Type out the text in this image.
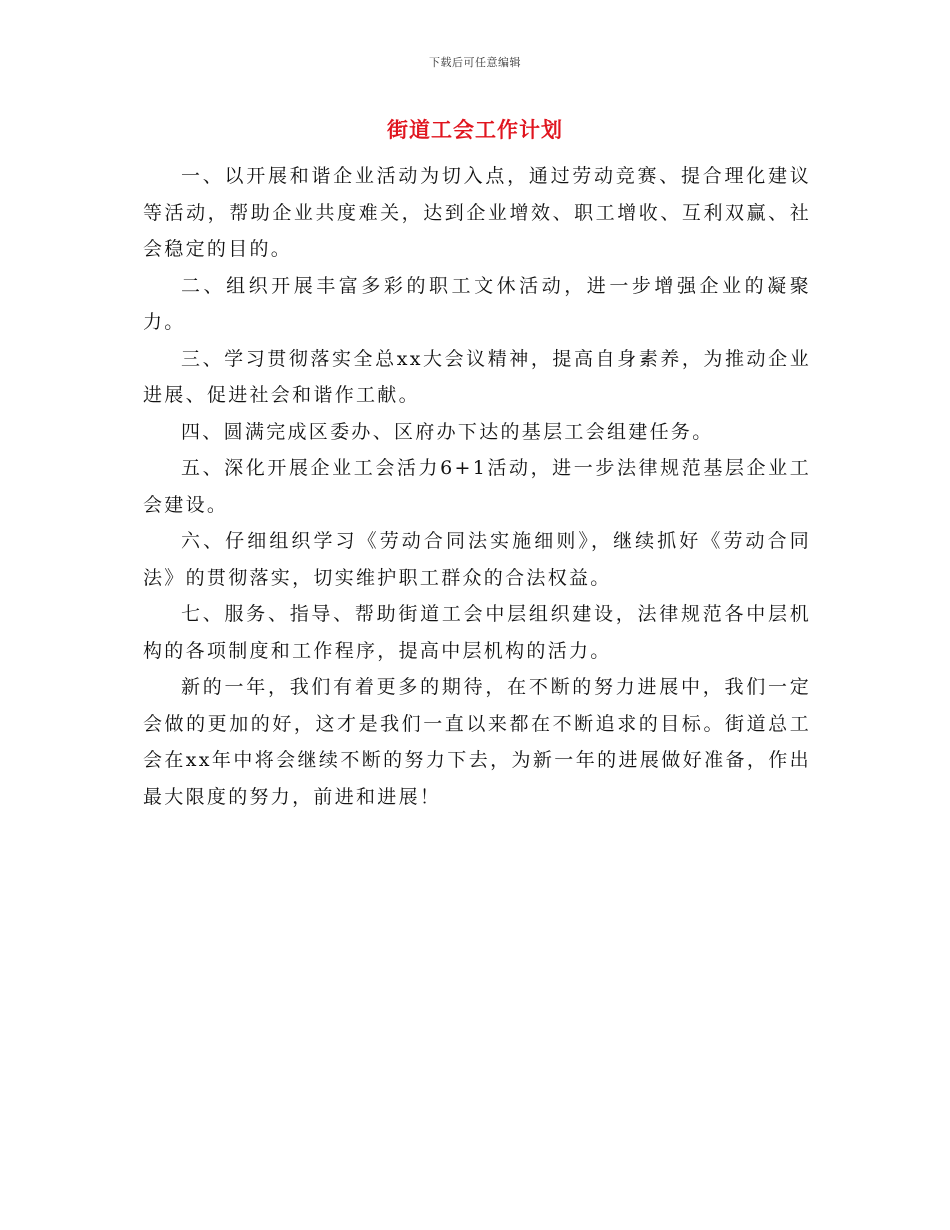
下载后可任意编辑
街道工会工作计划

一、以开展和谐企业活动为切入点，通过劳动竞赛、提合理化建议等活动，帮助企业共度难关，达到企业增效、职工增收、互利双赢、社会稳定的目的。

二、组织开展丰富多彩的职工文休活动，进一步增强企业的凝聚力。

三、学习贯彻落实全总xx大会议精神，提高自身素养，为推动企业进展、促进社会和谐作工献。

四、圆满完成区委办、区府办下达的基层工会组建任务。

五、深化开展企业工会活力6+1活动，进一步法律规范基层企业工会建设。

六、仔细组织学习《劳动合同法实施细则》，继续抓好《劳动合同法》的贯彻落实，切实维护职工群众的合法权益。

七、服务、指导、帮助街道工会中层组织建设，法律规范各中层机构的各项制度和工作程序，提高中层机构的活力。

新的一年，我们有着更多的期待，在不断的努力进展中，我们一定会做的更加的好，这才是我们一直以来都在不断追求的目标。街道总工会在xx年中将会继续不断的努力下去，为新一年的进展做好准备，作出最大限度的努力，前进和进展！
